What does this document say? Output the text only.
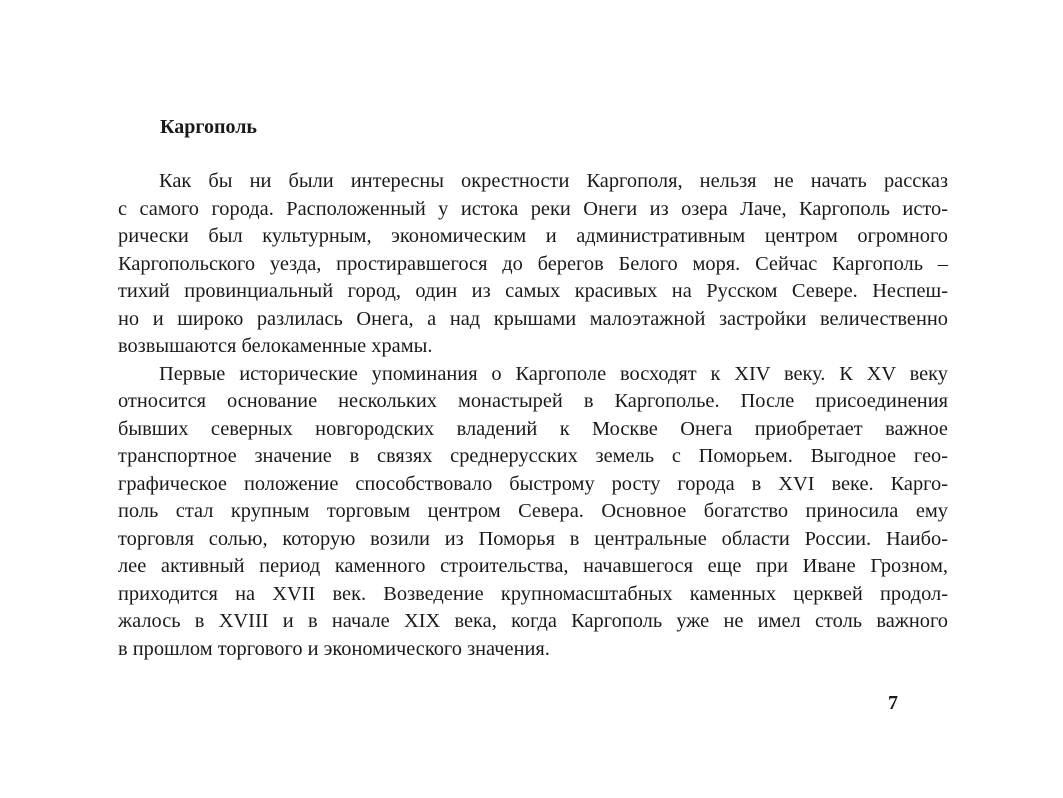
Каргополь

Как бы ни были интересны окрестности Каргополя, нельзя не начать рассказ
с самого города. Расположенный у истока реки Онеги из озера Лаче, Каргополь исто-
рически был культурным, экономическим и административным центром огромного
Каргопольского уезда, простиравшегося до берегов Белого моря. Сейчас Каргополь –
тихий провинциальный город, один из самых красивых на Русском Севере. Неспеш-
но и широко разлилась Онега, а над крышами малоэтажной застройки величественно
возвышаются белокаменные храмы.

Первые исторические упоминания о Каргополе восходят к XIV веку. К XV веку
относится основание нескольких монастырей в Каргополье. После присоединения
бывших северных новгородских владений к Москве Онега приобретает важное
транспортное значение в связях среднерусских земель с Поморьем. Выгодное гео-
графическое положение способствовало быстрому росту города в XVI веке. Карго-
поль стал крупным торговым центром Севера. Основное богатство приносила ему
торговля солью, которую возили из Поморья в центральные области России. Наибо-
лее активный период каменного строительства, начавшегося еще при Иване Грозном,
приходится на XVII век. Возведение крупномасштабных каменных церквей продол-
жалось в XVIII и в начале XIX века, когда Каргополь уже не имел столь важного
в прошлом торгового и экономического значения.

7
